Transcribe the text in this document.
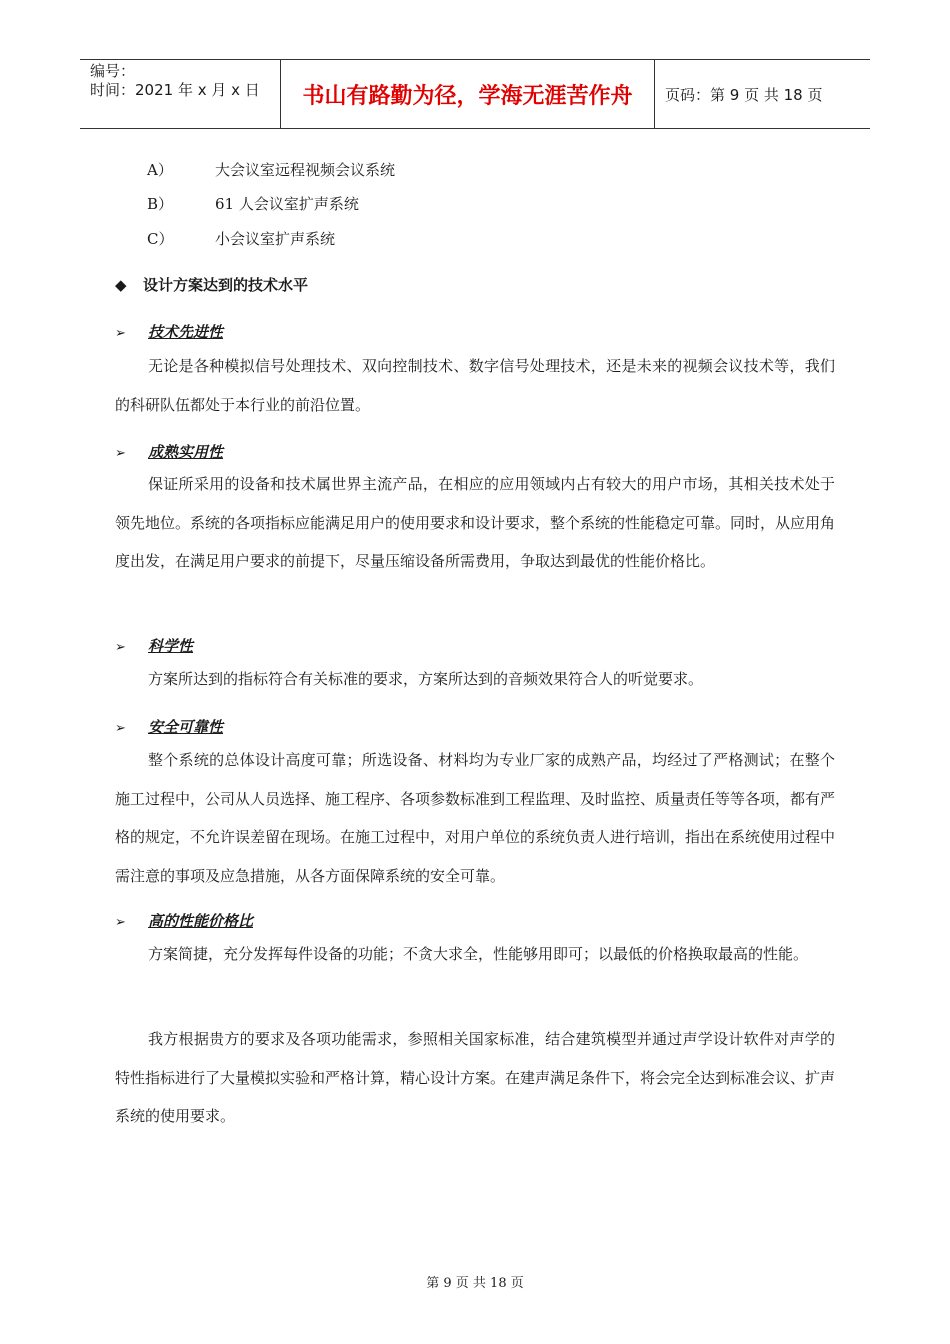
编号：
时间：2021 年 x 月 x 日	书山有路勤为径，学海无涯苦作舟	页码：第 9 页 共 18 页
A）	大会议室远程视频会议系统
B）	61 人会议室扩声系统
C）	小会议室扩声系统
◆ 设计方案达到的技术水平
➢ 技术先进性
无论是各种模拟信号处理技术、双向控制技术、数字信号处理技术，还是未来的视频会议技术等，我们的科研队伍都处于本行业的前沿位置。
➢ 成熟实用性
保证所采用的设备和技术属世界主流产品，在相应的应用领域内占有较大的用户市场，其相关技术处于领先地位。系统的各项指标应能满足用户的使用要求和设计要求，整个系统的性能稳定可靠。同时，从应用角度出发，在满足用户要求的前提下，尽量压缩设备所需费用，争取达到最优的性能价格比。
➢ 科学性
方案所达到的指标符合有关标准的要求，方案所达到的音频效果符合人的听觉要求。
➢ 安全可靠性
整个系统的总体设计高度可靠；所选设备、材料均为专业厂家的成熟产品，均经过了严格测试；在整个施工过程中，公司从人员选择、施工程序、各项参数标准到工程监理、及时监控、质量责任等等各项，都有严格的规定，不允许误差留在现场。在施工过程中，对用户单位的系统负责人进行培训，指出在系统使用过程中需注意的事项及应急措施，从各方面保障系统的安全可靠。
➢ 高的性能价格比
方案简捷，充分发挥每件设备的功能；不贪大求全，性能够用即可；以最低的价格换取最高的性能。
我方根据贵方的要求及各项功能需求，参照相关国家标准，结合建筑模型并通过声学设计软件对声学的特性指标进行了大量模拟实验和严格计算，精心设计方案。在建声满足条件下，将会完全达到标准会议、扩声系统的使用要求。
第 9 页 共 18 页
